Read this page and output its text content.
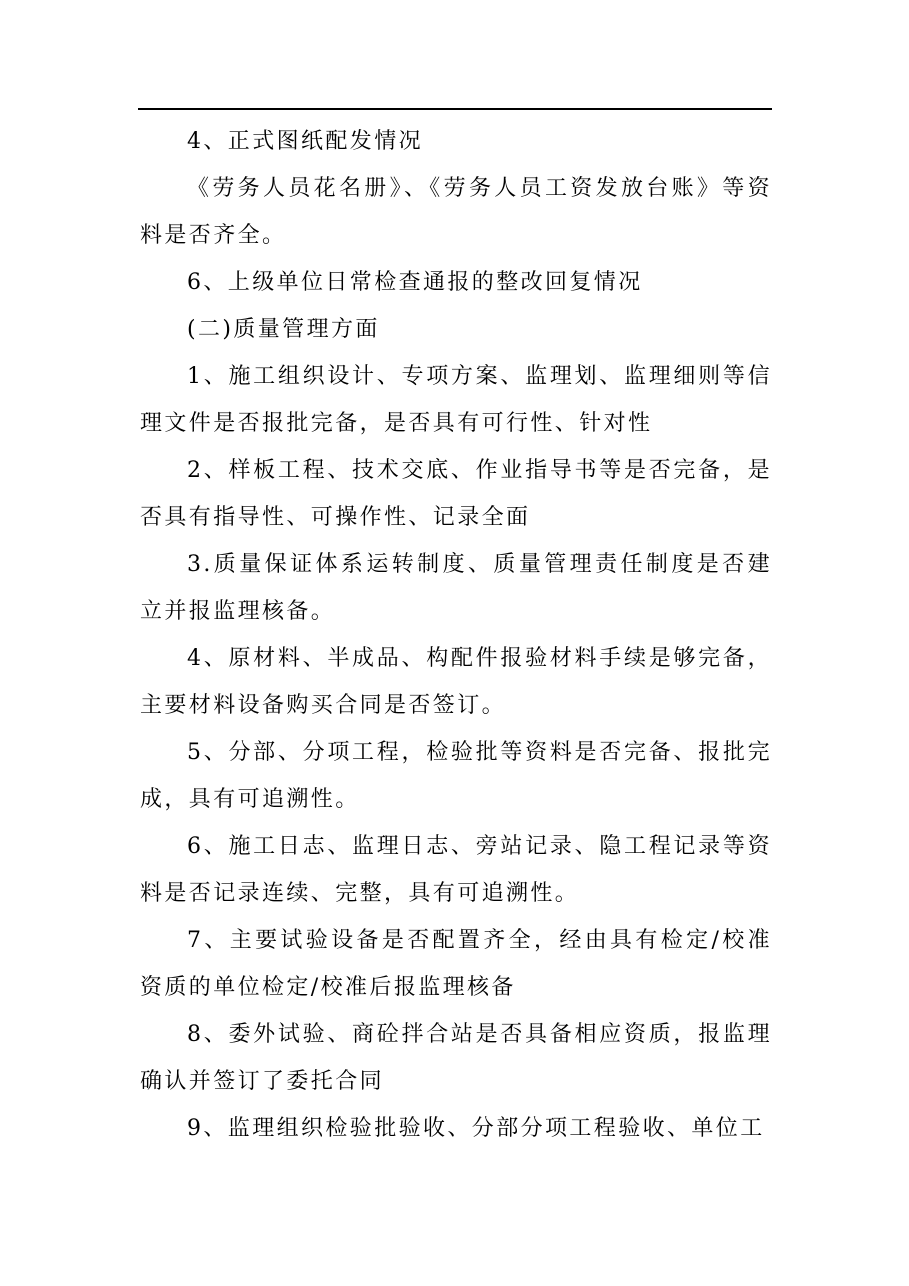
4、正式图纸配发情况

《劳务人员花名册》、《劳务人员工资发放台账》等资料是否齐全。

6、上级单位日常检查通报的整改回复情况

(二)质量管理方面

1、施工组织设计、专项方案、监理划、监理细则等信理文件是否报批完备，是否具有可行性、针对性

2、样板工程、技术交底、作业指导书等是否完备，是否具有指导性、可操作性、记录全面

3.质量保证体系运转制度、质量管理责任制度是否建立并报监理核备。

4、原材料、半成品、构配件报验材料手续是够完备，主要材料设备购买合同是否签订。

5、分部、分项工程，检验批等资料是否完备、报批完成，具有可追溯性。

6、施工日志、监理日志、旁站记录、隐工程记录等资料是否记录连续、完整，具有可追溯性。

7、主要试验设备是否配置齐全，经由具有检定/校准资质的单位检定/校准后报监理核备

8、委外试验、商砼拌合站是否具备相应资质，报监理确认并签订了委托合同

9、监理组织检验批验收、分部分项工程验收、单位工
